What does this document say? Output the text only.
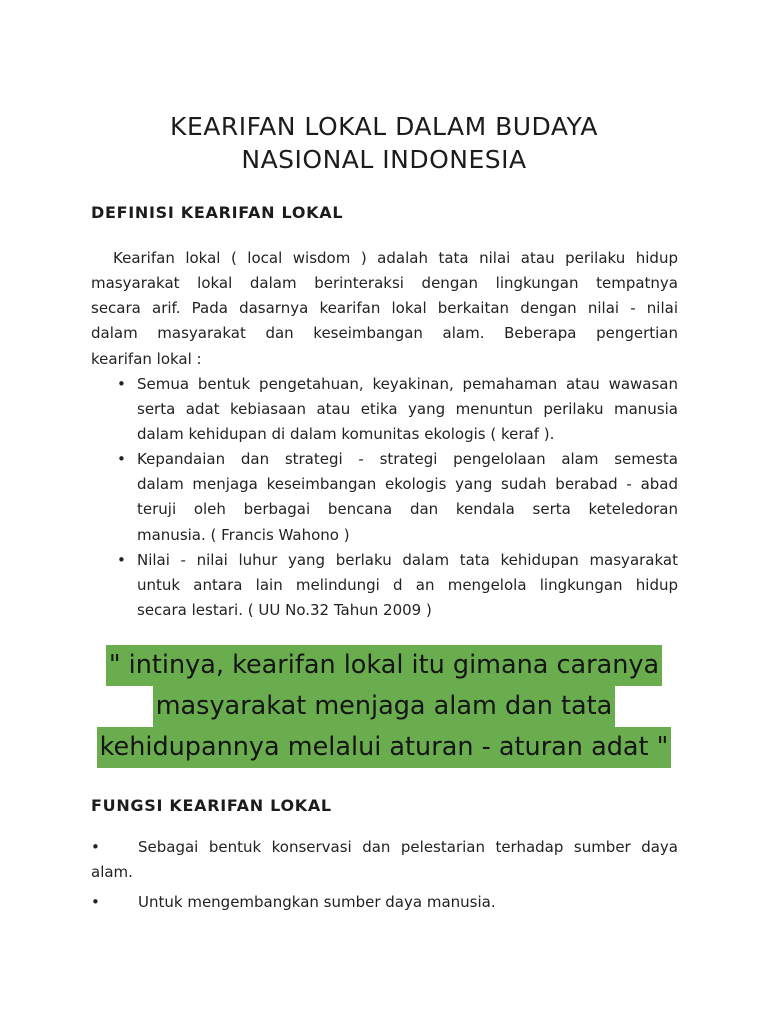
KEARIFAN LOKAL DALAM BUDAYA
NASIONAL INDONESIA
DEFINISI KEARIFAN LOKAL
Kearifan lokal ( local wisdom ) adalah tata nilai atau perilaku hidup
masyarakat lokal dalam berinteraksi dengan lingkungan tempatnya
secara arif. Pada dasarnya kearifan lokal berkaitan dengan nilai - nilai
dalam masyarakat dan keseimbangan alam. Beberapa pengertian
kearifan lokal :
• Semua bentuk pengetahuan, keyakinan, pemahaman atau wawasan
serta adat kebiasaan atau etika yang menuntun perilaku manusia
dalam kehidupan di dalam komunitas ekologis ( keraf ).
• Kepandaian dan strategi - strategi pengelolaan alam semesta
dalam menjaga keseimbangan ekologis yang sudah berabad - abad
teruji oleh berbagai bencana dan kendala serta keteledoran
manusia. ( Francis Wahono )
• Nilai - nilai luhur yang berlaku dalam tata kehidupan masyarakat
untuk antara lain melindungi d an mengelola lingkungan hidup
secara lestari. ( UU No.32 Tahun 2009 )
" intinya, kearifan lokal itu gimana caranya
masyarakat menjaga alam dan tata
kehidupannya melalui aturan - aturan adat "
FUNGSI KEARIFAN LOKAL
•	Sebagai bentuk konservasi dan pelestarian terhadap sumber daya
alam.
•	Untuk mengembangkan sumber daya manusia.
